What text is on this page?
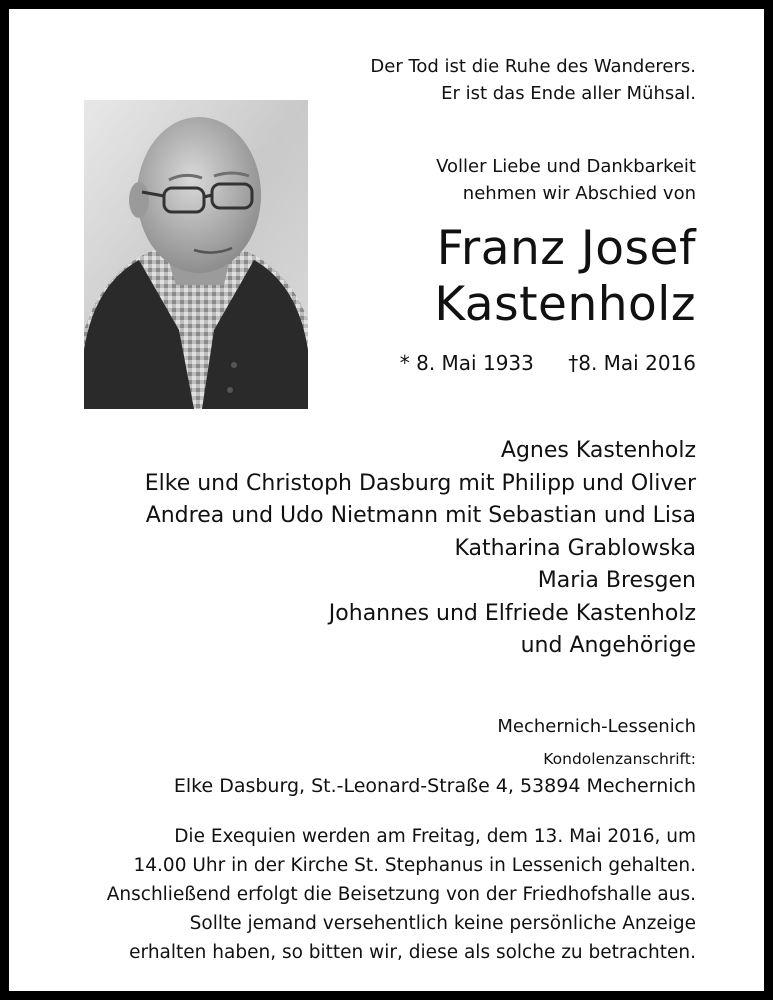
Der Tod ist die Ruhe des Wanderers.
Er ist das Ende aller Mühsal.
Voller Liebe und Dankbarkeit
nehmen wir Abschied von
Franz Josef
Kastenholz
* 8. Mai 1933 †8. Mai 2016
Agnes Kastenholz
Elke und Christoph Dasburg mit Philipp und Oliver
Andrea und Udo Nietmann mit Sebastian und Lisa
Katharina Grablowska
Maria Bresgen
Johannes und Elfriede Kastenholz
und Angehörige
Mechernich-Lessenich
Kondolenzanschrift:
Elke Dasburg, St.-Leonard-Straße 4, 53894 Mechernich
Die Exequien werden am Freitag, dem 13. Mai 2016, um
14.00 Uhr in der Kirche St. Stephanus in Lessenich gehalten.
Anschließend erfolgt die Beisetzung von der Friedhofshalle aus.
Sollte jemand versehentlich keine persönliche Anzeige
erhalten haben, so bitten wir, diese als solche zu betrachten.
